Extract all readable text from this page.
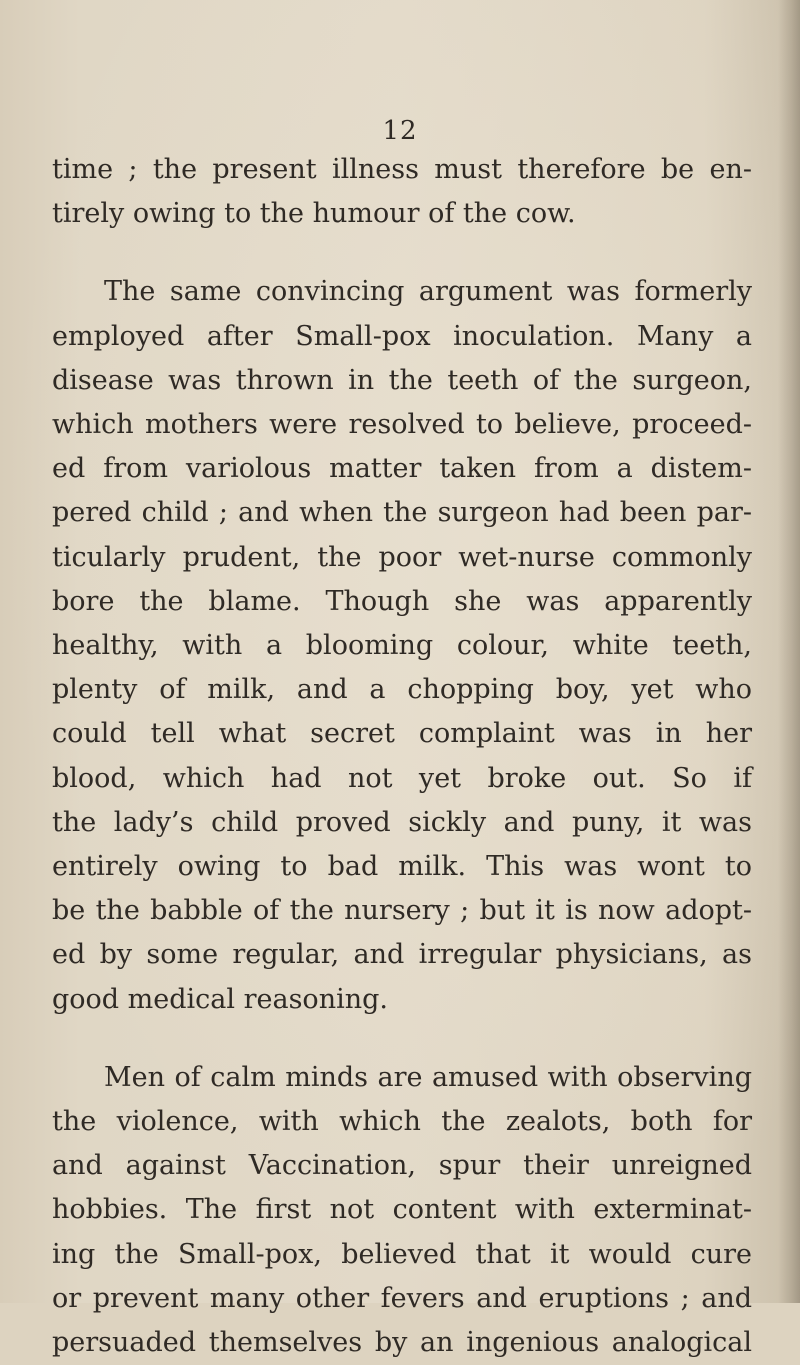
12
time ; the present illness must therefore be en-
tirely owing to the humour of the cow.
The same convincing argument was formerly
employed after Small-pox inoculation. Many a
disease was thrown in the teeth of the surgeon,
which mothers were resolved to believe, proceed-
ed from variolous matter taken from a distem-
pered child ; and when the surgeon had been par-
ticularly prudent, the poor wet-nurse commonly
bore the blame. Though she was apparently
healthy, with a blooming colour, white teeth,
plenty of milk, and a chopping boy, yet who
could tell what secret complaint was in her
blood, which had not yet broke out. So if
the lady’s child proved sickly and puny, it was
entirely owing to bad milk. This was wont to
be the babble of the nursery ; but it is now adopt-
ed by some regular, and irregular physicians, as
good medical reasoning.
Men of calm minds are amused with observing
the violence, with which the zealots, both for
and against Vaccination, spur their unreigned
hobbies. The first not content with exterminat-
ing the Small-pox, believed that it would cure
or prevent many other fevers and eruptions ; and
persuaded themselves by an ingenious analogical
